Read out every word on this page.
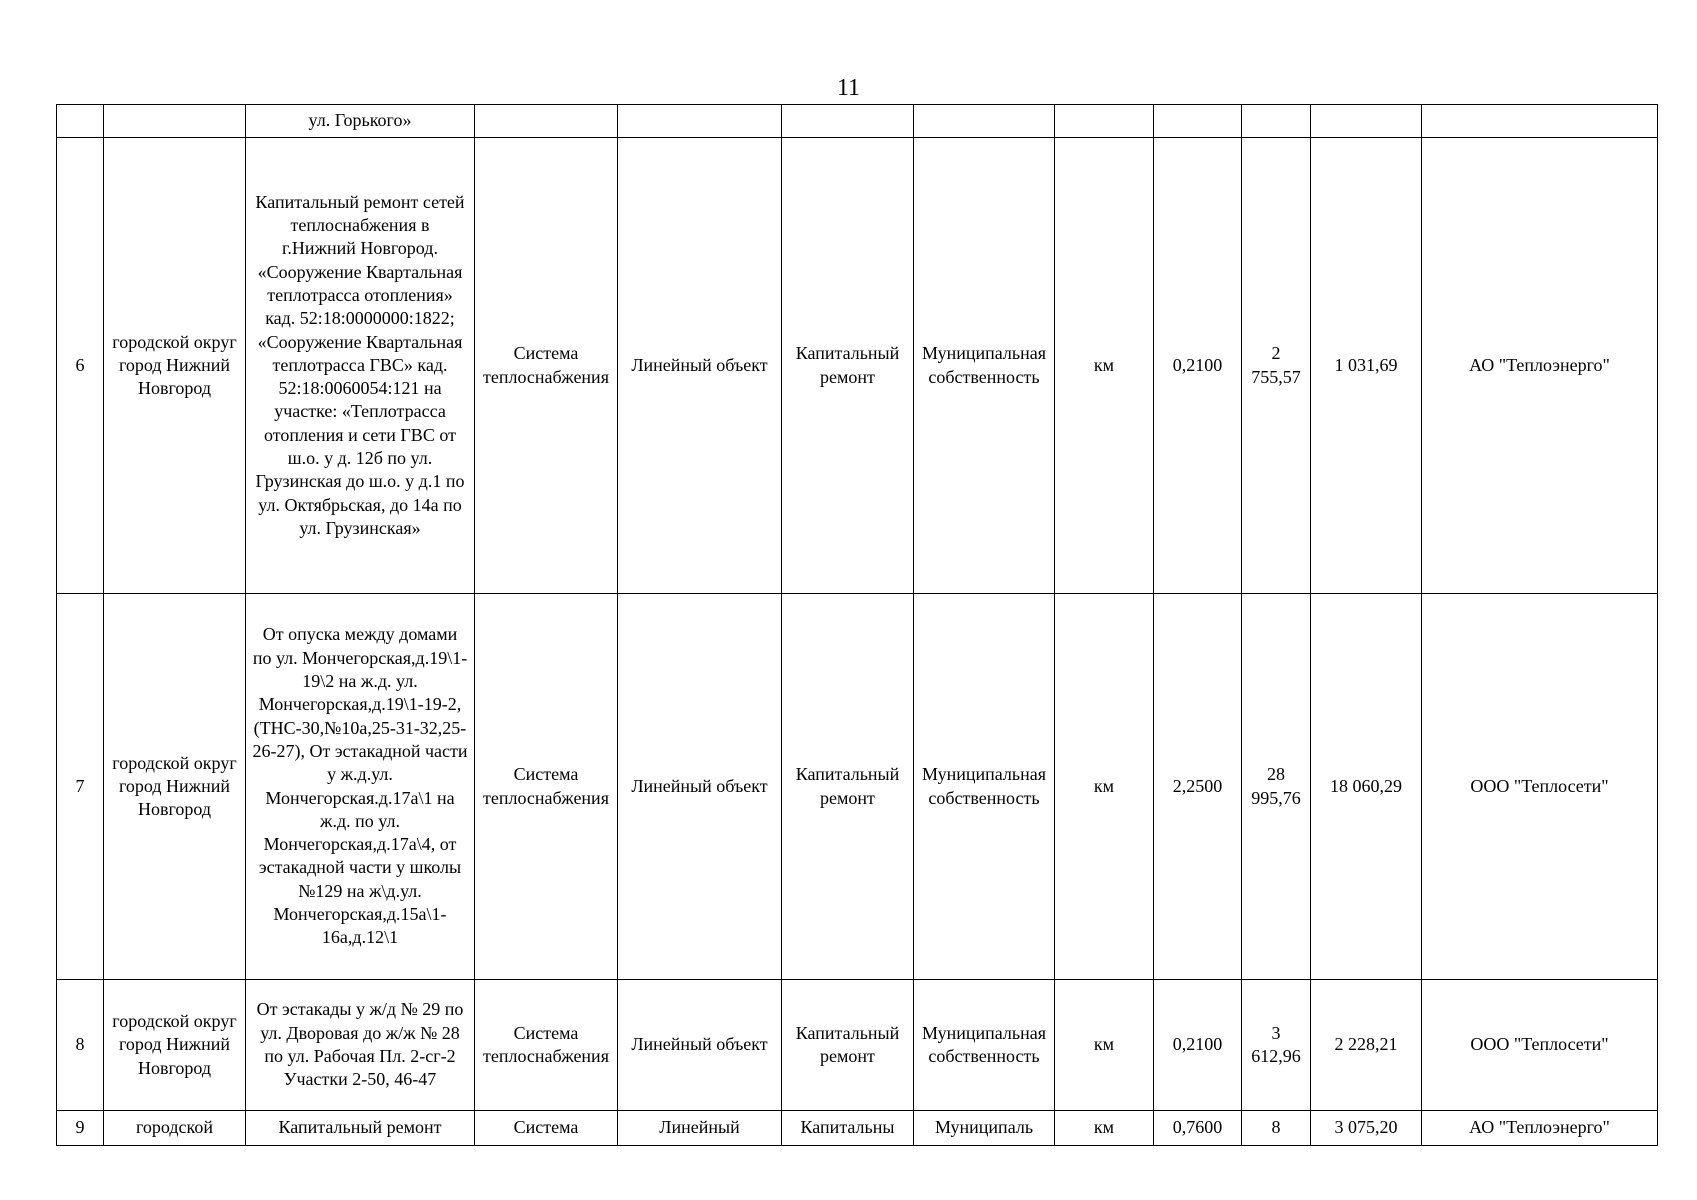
11
		ул. Горького»									
6	городской округ город Нижний Новгород	Капитальный ремонт сетей теплоснабжения в г.Нижний Новгород. «Сооружение Квартальная теплотрасса отопления» кад. 52:18:0000000:1822; «Сооружение Квартальная теплотрасса ГВС» кад. 52:18:0060054:121 на участке: «Теплотрасса отопления и сети ГВС от ш.о. у д. 12б по ул. Грузинская до ш.о. у д.1 по ул. Октябрьская, до 14а по ул. Грузинская»	Система теплоснабжения	Линейный объект	Капитальный ремонт	Муниципальная собственность	км	0,2100	2 755,57	1 031,69	АО "Теплоэнерго"
7	городской округ город Нижний Новгород	От опуска между домами по ул. Мончегорская,д.19\1-19\2 на ж.д. ул. Мончегорская,д.19\1-19-2, (ТНС-30,№10а,25-31-32,25-26-27), От эстакадной части у ж.д.ул. Мончегорская.д.17а\1 на ж.д. по ул. Мончегорская,д.17а\4, от эстакадной части у школы №129 на ж\д.ул. Мончегорская,д.15а\1-16а,д.12\1	Система теплоснабжения	Линейный объект	Капитальный ремонт	Муниципальная собственность	км	2,2500	28 995,76	18 060,29	ООО "Теплосети"
8	городской округ город Нижний Новгород	От эстакады у ж/д № 29 по ул. Дворовая до ж/ж № 28 по ул. Рабочая Пл. 2-сг-2 Участки 2-50, 46-47	Система теплоснабжения	Линейный объект	Капитальный ремонт	Муниципальная собственность	км	0,2100	3 612,96	2 228,21	ООО "Теплосети"
9	городской	Капитальный ремонт	Система	Линейный	Капитальны	Муниципаль	км	0,7600	8	3 075,20	АО "Теплоэнерго"
